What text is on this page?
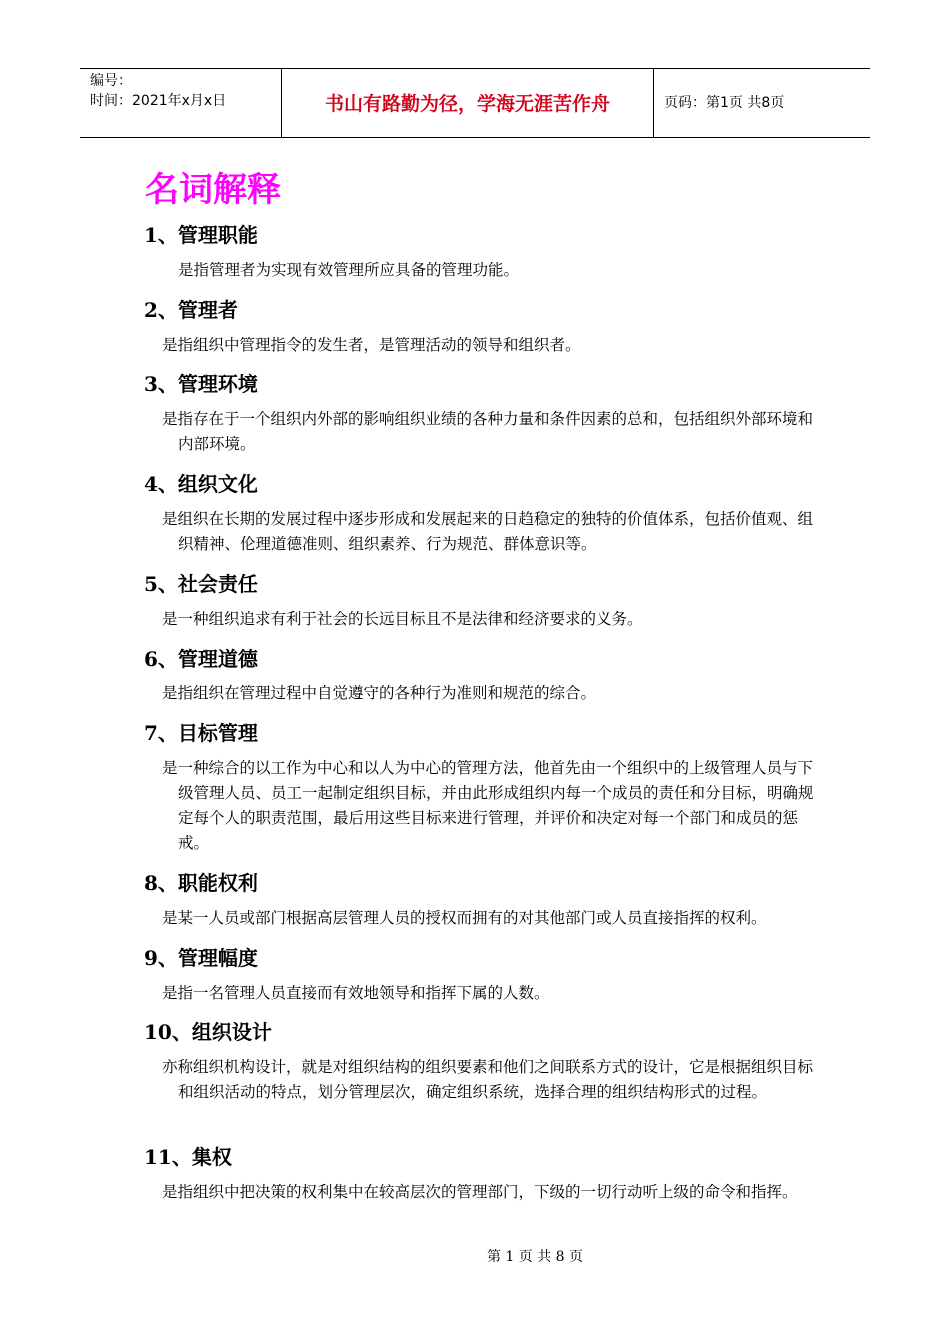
编号：
时间：2021年x月x日	书山有路勤为径，学海无涯苦作舟	页码：第1页 共8页
名词解释
1、管理职能

是指管理者为实现有效管理所应具备的管理功能。

2、管理者

是指组织中管理指令的发生者，是管理活动的领导和组织者。

3、管理环境

是指存在于一个组织内外部的影响组织业绩的各种力量和条件因素的总和，包括组织外部环境和内部环境。

4、组织文化

是组织在长期的发展过程中逐步形成和发展起来的日趋稳定的独特的价值体系，包括价值观、组织精神、伦理道德准则、组织素养、行为规范、群体意识等。

5、社会责任

是一种组织追求有利于社会的长远目标且不是法律和经济要求的义务。

6、管理道德

是指组织在管理过程中自觉遵守的各种行为准则和规范的综合。

7、目标管理

是一种综合的以工作为中心和以人为中心的管理方法，他首先由一个组织中的上级管理人员与下级管理人员、员工一起制定组织目标，并由此形成组织内每一个成员的责任和分目标，明确规定每个人的职责范围，最后用这些目标来进行管理，并评价和决定对每一个部门和成员的惩戒。

8、职能权利

是某一人员或部门根据高层管理人员的授权而拥有的对其他部门或人员直接指挥的权利。

9、管理幅度

是指一名管理人员直接而有效地领导和指挥下属的人数。

10、组织设计

亦称组织机构设计，就是对组织结构的组织要素和他们之间联系方式的设计，它是根据组织目标和组织活动的特点，划分管理层次，确定组织系统，选择合理的组织结构形式的过程。

11、集权

是指组织中把决策的权利集中在较高层次的管理部门，下级的一切行动听上级的命令和指挥。

第 1 页 共 8 页
